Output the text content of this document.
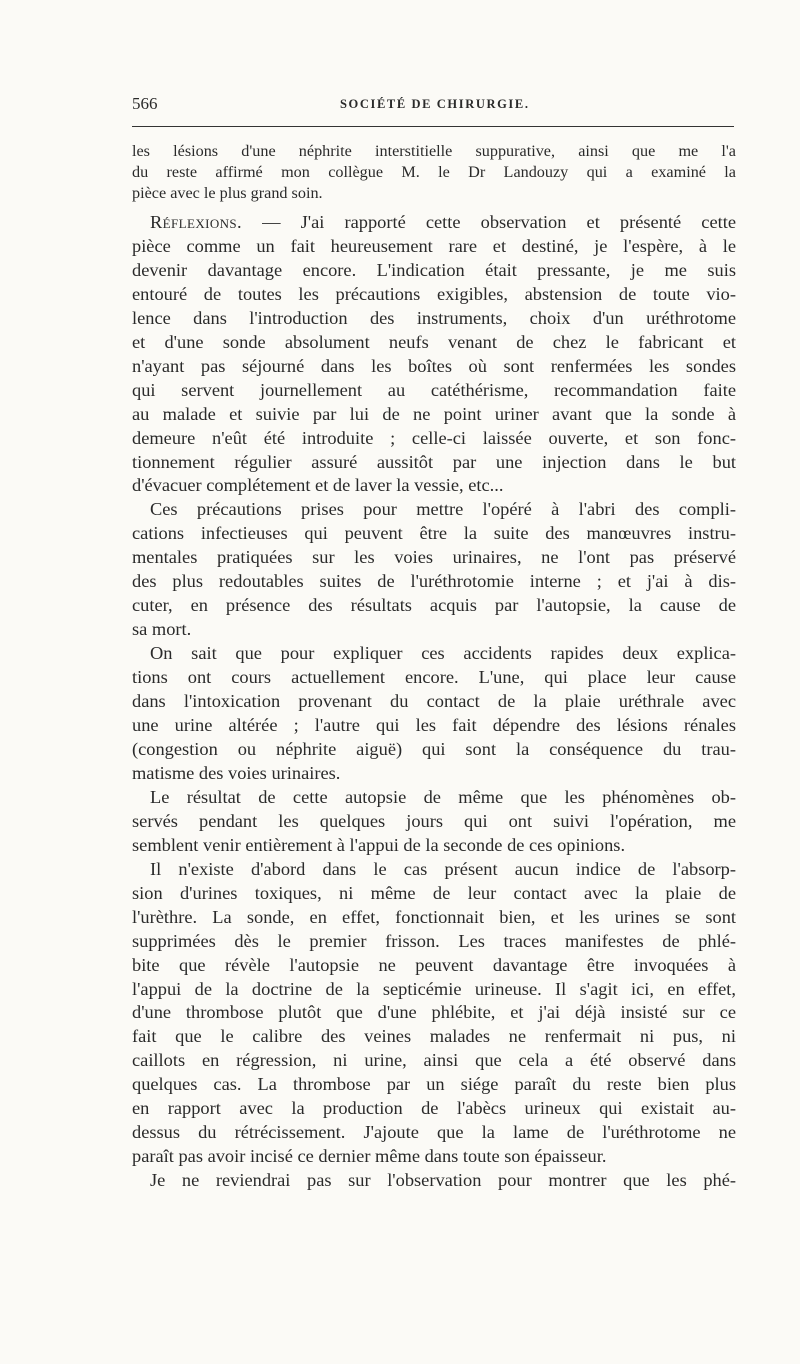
566	SOCIÉTÉ DE CHIRURGIE.
les lésions d'une néphrite interstitielle suppurative, ainsi que me l'a
du reste affirmé mon collègue M. le Dr Landouzy qui a examiné la
pièce avec le plus grand soin.
Réflexions. — J'ai rapporté cette observation et présenté cette
pièce comme un fait heureusement rare et destiné, je l'espère, à le
devenir davantage encore. L'indication était pressante, je me suis
entouré de toutes les précautions exigibles, abstension de toute vio-
lence dans l'introduction des instruments, choix d'un uréthrotome
et d'une sonde absolument neufs venant de chez le fabricant et
n'ayant pas séjourné dans les boîtes où sont renfermées les sondes
qui servent journellement au catéthérisme, recommandation faite
au malade et suivie par lui de ne point uriner avant que la sonde à
demeure n'eût été introduite ; celle-ci laissée ouverte, et son fonc-
tionnement régulier assuré aussitôt par une injection dans le but
d'évacuer complétement et de laver la vessie, etc...
Ces précautions prises pour mettre l'opéré à l'abri des compli-
cations infectieuses qui peuvent être la suite des manœuvres instru-
mentales pratiquées sur les voies urinaires, ne l'ont pas préservé
des plus redoutables suites de l'uréthrotomie interne ; et j'ai à dis-
cuter, en présence des résultats acquis par l'autopsie, la cause de
sa mort.
On sait que pour expliquer ces accidents rapides deux explica-
tions ont cours actuellement encore. L'une, qui place leur cause
dans l'intoxication provenant du contact de la plaie uréthrale avec
une urine altérée ; l'autre qui les fait dépendre des lésions rénales
(congestion ou néphrite aiguë) qui sont la conséquence du trau-
matisme des voies urinaires.
Le résultat de cette autopsie de même que les phénomènes ob-
servés pendant les quelques jours qui ont suivi l'opération, me
semblent venir entièrement à l'appui de la seconde de ces opinions.
Il n'existe d'abord dans le cas présent aucun indice de l'absorp-
sion d'urines toxiques, ni même de leur contact avec la plaie de
l'urèthre. La sonde, en effet, fonctionnait bien, et les urines se sont
supprimées dès le premier frisson. Les traces manifestes de phlé-
bite que révèle l'autopsie ne peuvent davantage être invoquées à
l'appui de la doctrine de la septicémie urineuse. Il s'agit ici, en effet,
d'une thrombose plutôt que d'une phlébite, et j'ai déjà insisté sur ce
fait que le calibre des veines malades ne renfermait ni pus, ni
caillots en régression, ni urine, ainsi que cela a été observé dans
quelques cas. La thrombose par un siége paraît du reste bien plus
en rapport avec la production de l'abècs urineux qui existait au-
dessus du rétrécissement. J'ajoute que la lame de l'uréthrotome ne
paraît pas avoir incisé ce dernier même dans toute son épaisseur.
Je ne reviendrai pas sur l'observation pour montrer que les phé-
